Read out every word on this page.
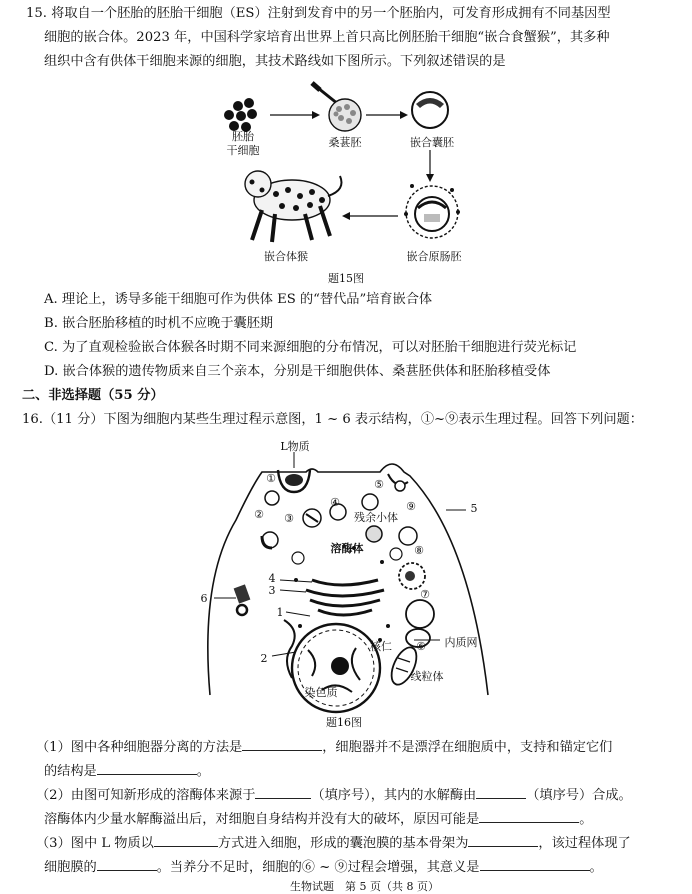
15. 将取自一个胚胎的胚胎干细胞（ES）注射到发育中的另一个胚胎内，可发育形成拥有不同基因型
细胞的嵌合体。2023 年，中国科学家培育出世界上首只高比例胚胎干细胞“嵌合食蟹猴”，其多种
组织中含有供体干细胞来源的细胞，其技术路线如下图所示。下列叙述错误的是
胚胎
干细胞
桑葚胚	嵌合囊胚
嵌合原肠胚
嵌合体猴
题15图
A. 理论上，诱导多能干细胞可作为供体 ES 的“替代品”培育嵌合体
B. 嵌合胚胎移植的时机不应晚于囊胚期
C. 为了直观检验嵌合体猴各时期不同来源细胞的分布情况，可以对胚胎干细胞进行荧光标记
D. 嵌合体猴的遗传物质来自三个亲本，分别是干细胞供体、桑葚胚供体和胚胎移植受体
二、非选择题（55 分）
16.（11 分）下图为细胞内某些生理过程示意图，1 ~ 6 表示结构，①~⑨表示生理过程。回答下列问题：
L物质
残余小体
溶酶体
内质网
核仁
染色质
线粒体
1
2
3
4
5
6
①
② ③
④
⑤
⑥
⑦
⑧
⑨
题16图
（1）图中各种细胞器分离的方法是	，细胞器并不是漂浮在细胞质中，支持和锚定它们
的结构是	。
（2）由图可知新形成的溶酶体来源于	（填序号），其内的水解酶由	（填序号）合成。
溶酶体内少量水解酶溢出后，对细胞自身结构并没有大的破坏，原因可能是	。
（3）图中 L 物质以	方式进入细胞，形成的囊泡膜的基本骨架为	，该过程体现了
细胞膜的	。当养分不足时，细胞的⑥ ~ ⑨过程会增强，其意义是	。
生物试题　第 5 页（共 8 页）
